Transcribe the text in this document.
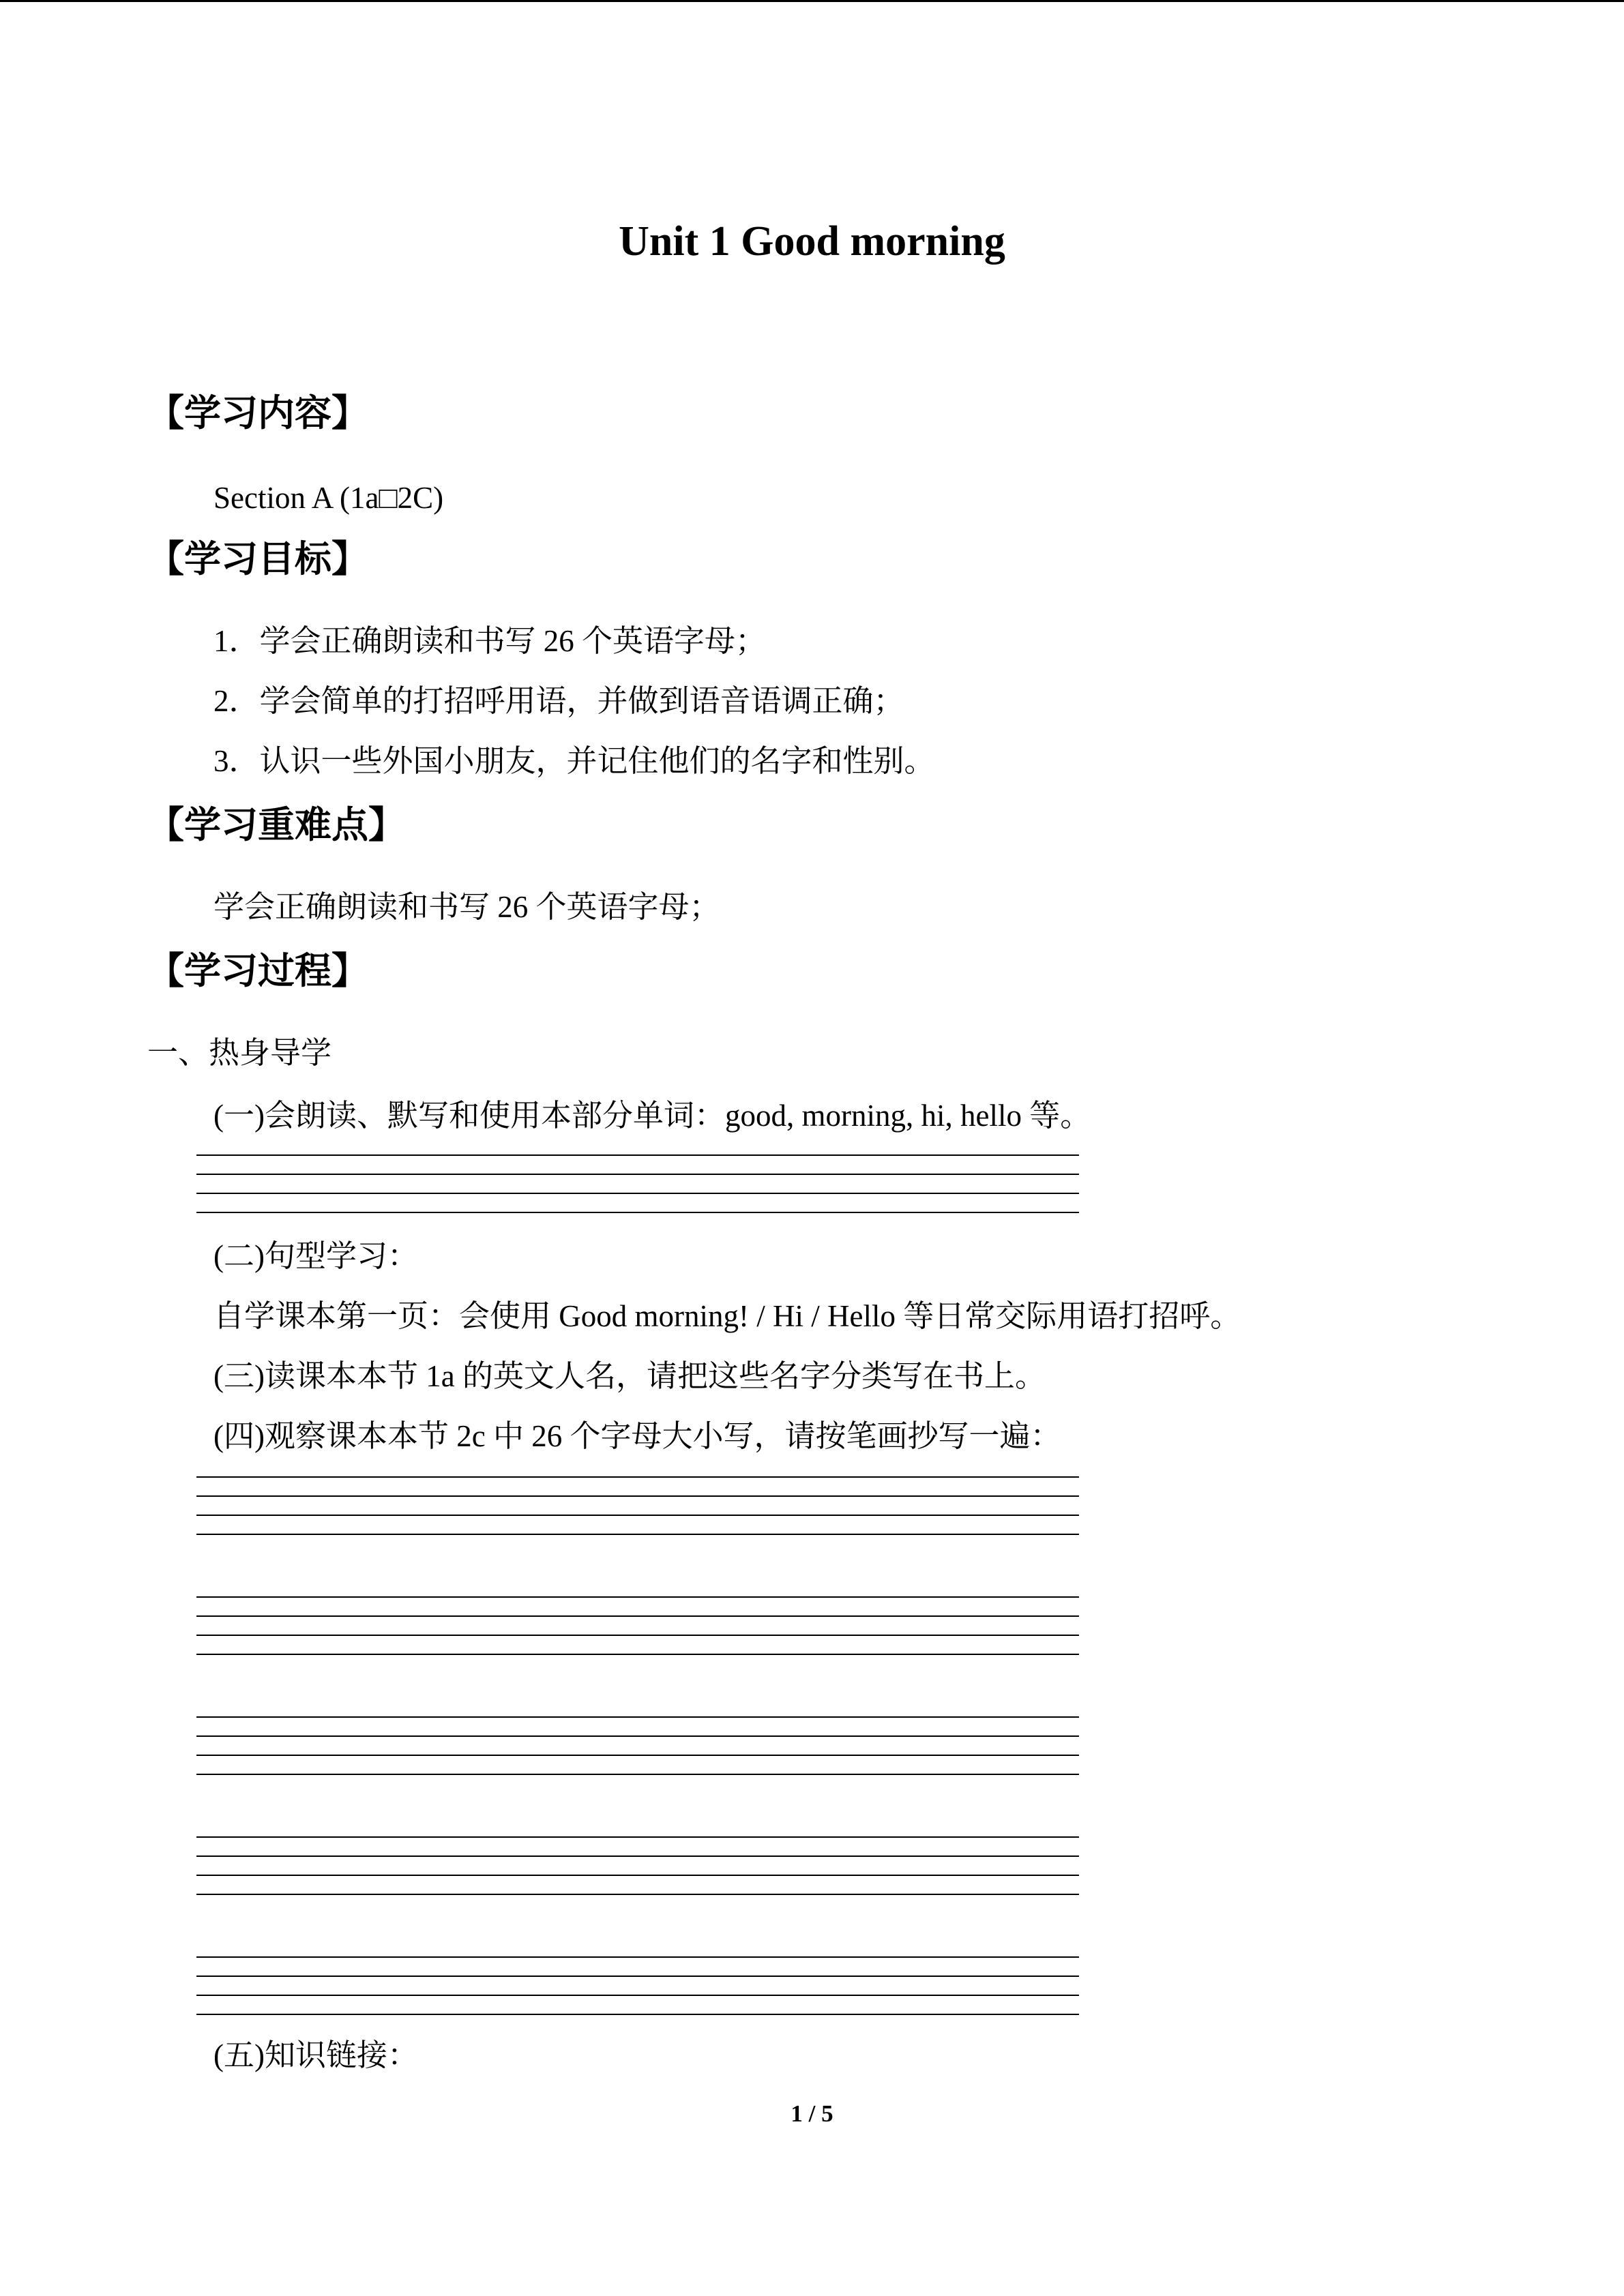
Unit 1 Good morning
【学习内容】
Section A (1a□2C)
【学习目标】
1．学会正确朗读和书写 26 个英语字母；
2．学会简单的打招呼用语，并做到语音语调正确；
3．认识一些外国小朋友，并记住他们的名字和性别。
【学习重难点】
学会正确朗读和书写 26 个英语字母；
【学习过程】
一、热身导学
(一)会朗读、默写和使用本部分单词：good, morning, hi, hello 等。
(二)句型学习：
自学课本第一页：会使用 Good morning! / Hi / Hello 等日常交际用语打招呼。
(三)读课本本节 1a 的英文人名，请把这些名字分类写在书上。
(四)观察课本本节 2c 中 26 个字母大小写，请按笔画抄写一遍：
(五)知识链接：
1 / 5
